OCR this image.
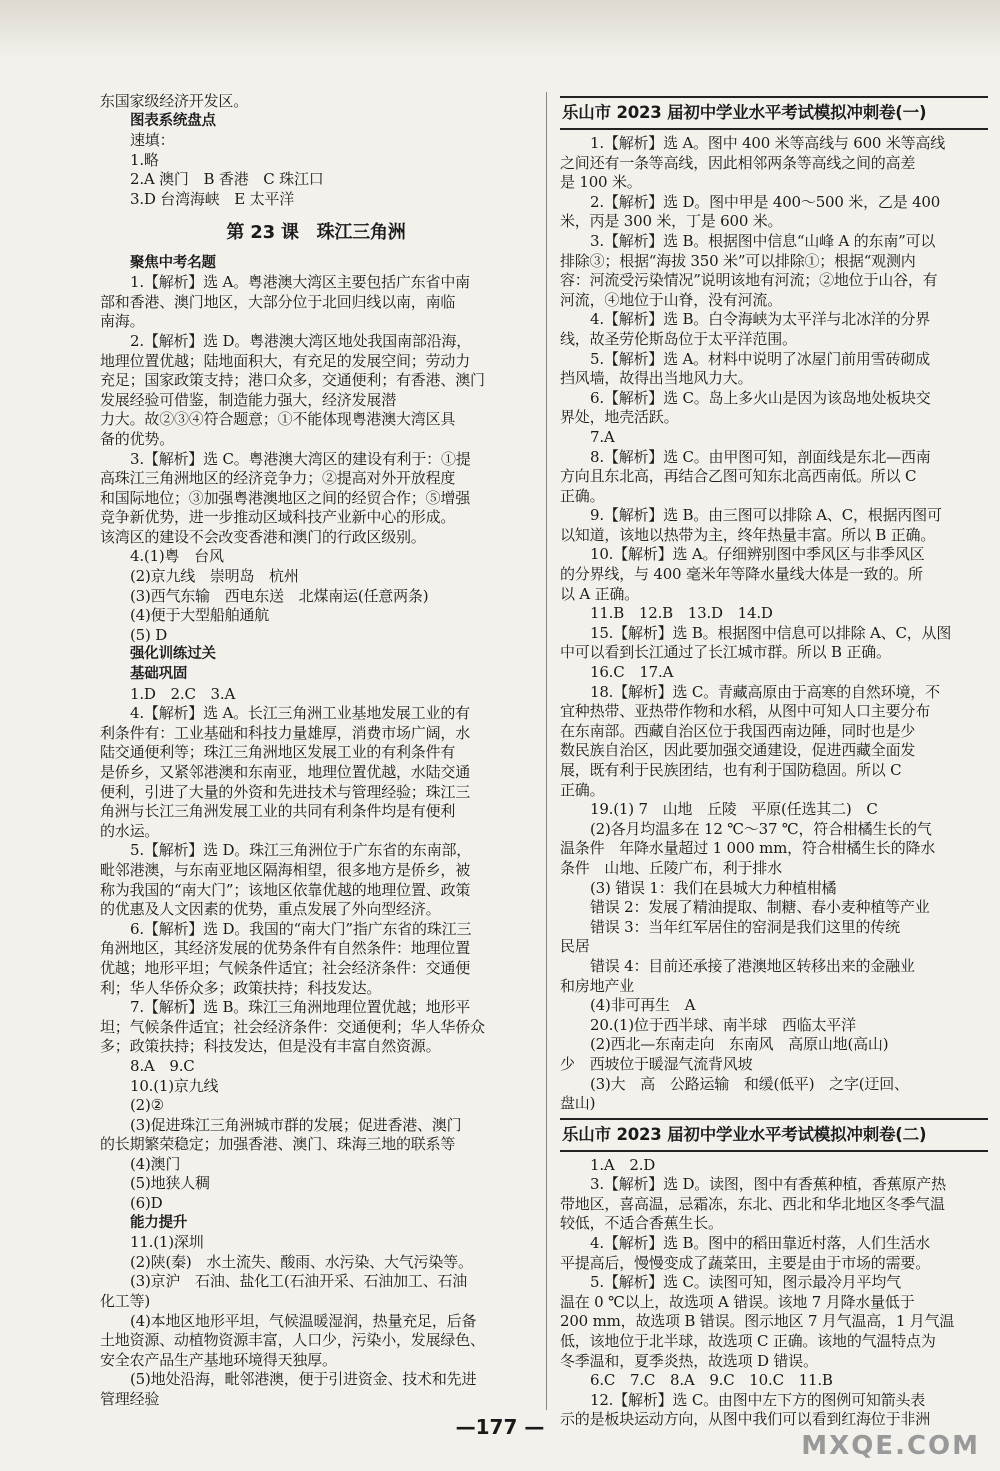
东国家级经济开发区。
图表系统盘点
速填：
1.略
2.A 澳门　B 香港　C 珠江口
3.D 台湾海峡　E 太平洋
第 23 课　珠江三角洲
聚焦中考名题
1.【解析】选 A。粤港澳大湾区主要包括广东省中南
部和香港、澳门地区，大部分位于北回归线以南，南临
南海。
2.【解析】选 D。粤港澳大湾区地处我国南部沿海，
地理位置优越；陆地面积大，有充足的发展空间；劳动力
充足；国家政策支持；港口众多，交通便利；有香港、澳门
发展经验可借鉴，制造能力强大，经济发展潜
力大。故②③④符合题意；①不能体现粤港澳大湾区具
备的优势。
3.【解析】选 C。粤港澳大湾区的建设有利于：①提
高珠江三角洲地区的经济竞争力；②提高对外开放程度
和国际地位；③加强粤港澳地区之间的经贸合作；⑤增强
竞争新优势，进一步推动区域科技产业新中心的形成。
该湾区的建设不会改变香港和澳门的行政区级别。
4.(1)粤　台风
(2)京九线　崇明岛　杭州
(3)西气东输　西电东送　北煤南运(任意两条)
(4)便于大型船舶通航
(5) D
强化训练过关
基础巩固
1.D　2.C　3.A
4.【解析】选 A。长江三角洲工业基地发展工业的有
利条件有：工业基础和科技力量雄厚，消费市场广阔，水
陆交通便利等；珠江三角洲地区发展工业的有利条件有
是侨乡，又紧邻港澳和东南亚，地理位置优越，水陆交通
便利，引进了大量的外资和先进技术与管理经验；珠江三
角洲与长江三角洲发展工业的共同有利条件均是有便利
的水运。
5.【解析】选 D。珠江三角洲位于广东省的东南部，
毗邻港澳，与东南亚地区隔海相望，很多地方是侨乡，被
称为我国的“南大门”；该地区依靠优越的地理位置、政策
的优惠及人文因素的优势，重点发展了外向型经济。
6.【解析】选 D。我国的“南大门”指广东省的珠江三
角洲地区，其经济发展的优势条件有自然条件：地理位置
优越；地形平坦；气候条件适宜；社会经济条件：交通便
利；华人华侨众多；政策扶持；科技发达。
7.【解析】选 B。珠江三角洲地理位置优越；地形平
坦；气候条件适宜；社会经济条件：交通便利；华人华侨众
多；政策扶持；科技发达，但是没有丰富自然资源。
8.A　9.C
10.(1)京九线
(2)②
(3)促进珠江三角洲城市群的发展；促进香港、澳门
的长期繁荣稳定；加强香港、澳门、珠海三地的联系等
(4)澳门
(5)地狭人稠
(6)D
能力提升
11.(1)深圳
(2)陕(秦)　水土流失、酸雨、水污染、大气污染等。
(3)京沪　石油、盐化工(石油开采、石油加工、石油
化工等)
(4)本地区地形平坦，气候温暖湿润，热量充足，后备
土地资源、动植物资源丰富，人口少，污染小，发展绿色、
安全农产品生产基地环境得天独厚。
(5)地处沿海，毗邻港澳，便于引进资金、技术和先进
管理经验
乐山市 2023 届初中学业水平考试模拟冲刺卷(一)
1.【解析】选 A。图中 400 米等高线与 600 米等高线
之间还有一条等高线，因此相邻两条等高线之间的高差
是 100 米。
2.【解析】选 D。图中甲是 400～500 米，乙是 400
米，丙是 300 米，丁是 600 米。
3.【解析】选 B。根据图中信息“山峰 A 的东南”可以
排除③；根据“海拔 350 米”可以排除①；根据“观测内
容：河流受污染情况”说明该地有河流；②地位于山谷，有
河流，④地位于山脊，没有河流。
4.【解析】选 B。白令海峡为太平洋与北冰洋的分界
线，故圣劳伦斯岛位于太平洋范围。
5.【解析】选 A。材料中说明了冰屋门前用雪砖砌成
挡风墙，故得出当地风力大。
6.【解析】选 C。岛上多火山是因为该岛地处板块交
界处，地壳活跃。
7.A
8.【解析】选 C。由甲图可知，剖面线是东北—西南
方向且东北高，再结合乙图可知东北高西南低。所以 C
正确。
9.【解析】选 B。由三图可以排除 A、C，根据丙图可
以知道，该地以热带为主，终年热量丰富。所以 B 正确。
10.【解析】选 A。仔细辨别图中季风区与非季风区
的分界线，与 400 毫米年等降水量线大体是一致的。所
以 A 正确。
11.B　12.B　13.D　14.D
15.【解析】选 B。根据图中信息可以排除 A、C，从图
中可以看到长江通过了长江城市群。所以 B 正确。
16.C　17.A
18.【解析】选 C。青藏高原由于高寒的自然环境，不
宜种热带、亚热带作物和水稻，从图中可知人口主要分布
在东南部。西藏自治区位于我国西南边陲，同时也是少
数民族自治区，因此要加强交通建设，促进西藏全面发
展，既有利于民族团结，也有利于国防稳固。所以 C
正确。
19.(1) 7　山地　丘陵　平原(任选其二)　C
(2)各月均温多在 12 ℃～37 ℃，符合柑橘生长的气
温条件　年降水量超过 1 000 mm，符合柑橘生长的降水
条件　山地、丘陵广布，利于排水
(3) 错误 1：我们在县城大力种植柑橘
错误 2：发展了精油提取、制糖、春小麦种植等产业
错误 3：当年红军居住的窑洞是我们这里的传统
民居
错误 4：目前还承接了港澳地区转移出来的金融业
和房地产业
(4)非可再生　A
20.(1)位于西半球、南半球　西临太平洋
(2)西北—东南走向　东南风　高原山地(高山)
少　西坡位于暖湿气流背风坡
(3)大　高　公路运输　和缓(低平)　之字(迂回、
盘山)
乐山市 2023 届初中学业水平考试模拟冲刺卷(二)
1.A　2.D
3.【解析】选 D。读图，图中有香蕉种植，香蕉原产热
带地区，喜高温，忌霜冻，东北、西北和华北地区冬季气温
较低，不适合香蕉生长。
4.【解析】选 B。图中的稻田靠近村落，人们生活水
平提高后，慢慢变成了蔬菜田，主要是由于市场的需要。
5.【解析】选 C。读图可知，图示最冷月平均气
温在 0 ℃以上，故选项 A 错误。该地 7 月降水量低于
200 mm，故选项 B 错误。图示地区 7 月气温高，1 月气温
低，该地位于北半球，故选项 C 正确。该地的气温特点为
冬季温和，夏季炎热，故选项 D 错误。
6.C　7.C　8.A　9.C　10.C　11.B
12.【解析】选 C。由图中左下方的图例可知箭头表
示的是板块运动方向，从图中我们可以看到红海位于非洲
—177 —
MXQE.COM
